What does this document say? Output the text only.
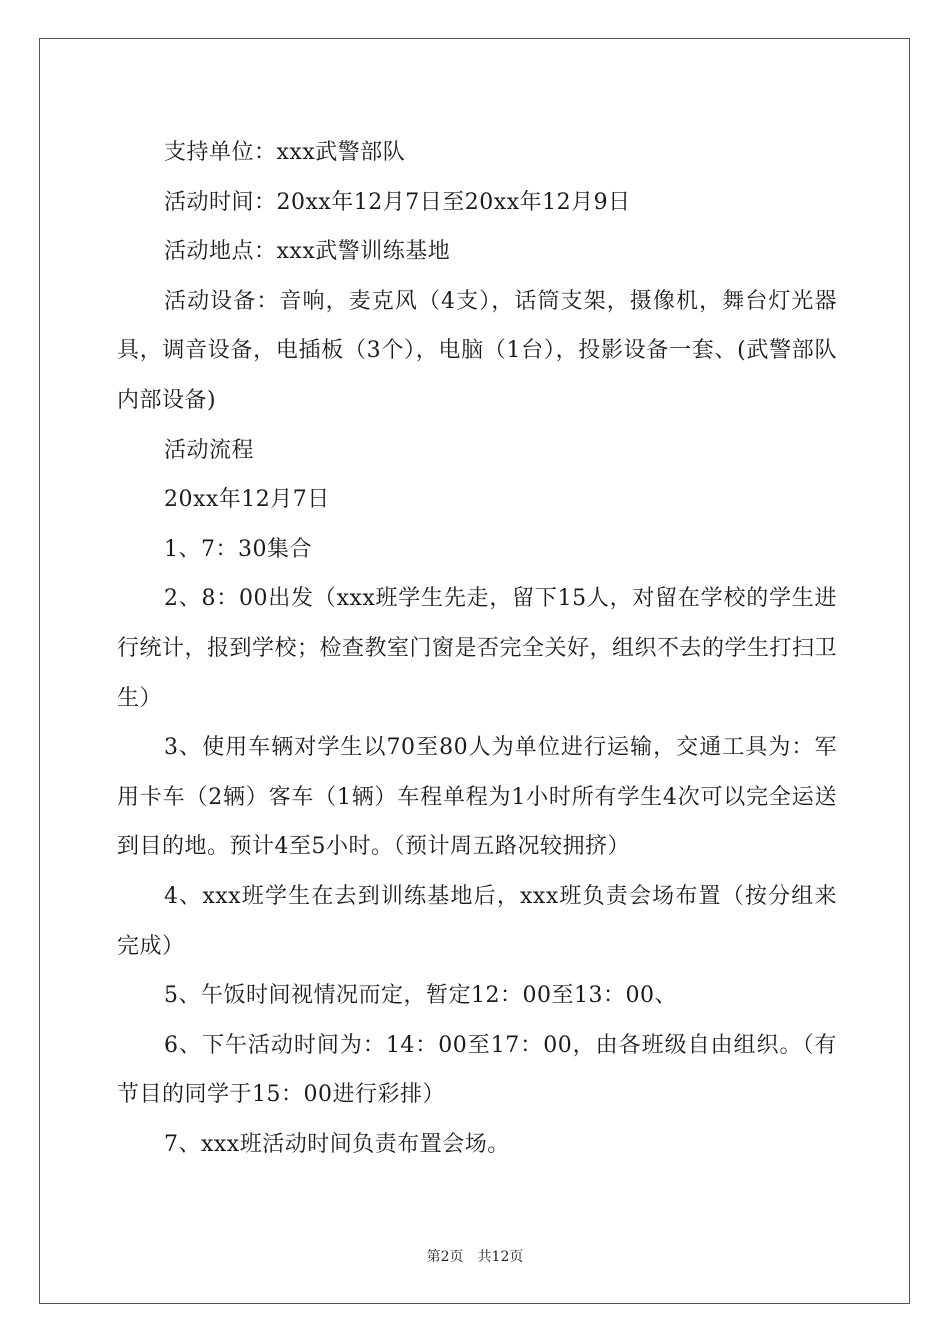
支持单位：xxx武警部队

活动时间：20xx年12月7日至20xx年12月9日

活动地点：xxx武警训练基地

活动设备：音响，麦克风（4支），话筒支架，摄像机，舞台灯光器具，调音设备，电插板（3个），电脑（1台），投影设备一套、(武警部队内部设备)

活动流程

20xx年12月7日

1、7：30集合

2、8：00出发（xxx班学生先走，留下15人，对留在学校的学生进行统计，报到学校；检查教室门窗是否完全关好，组织不去的学生打扫卫生）

3、使用车辆对学生以70至80人为单位进行运输，交通工具为：军用卡车（2辆）客车（1辆）车程单程为1小时所有学生4次可以完全运送到目的地。预计4至5小时。（预计周五路况较拥挤）

4、xxx班学生在去到训练基地后，xxx班负责会场布置（按分组来完成）

5、午饭时间视情况而定，暂定12：00至13：00、

6、下午活动时间为：14：00至17：00，由各班级自由组织。（有节目的同学于15：00进行彩排）

7、xxx班活动时间负责布置会场。

第2页　共12页
